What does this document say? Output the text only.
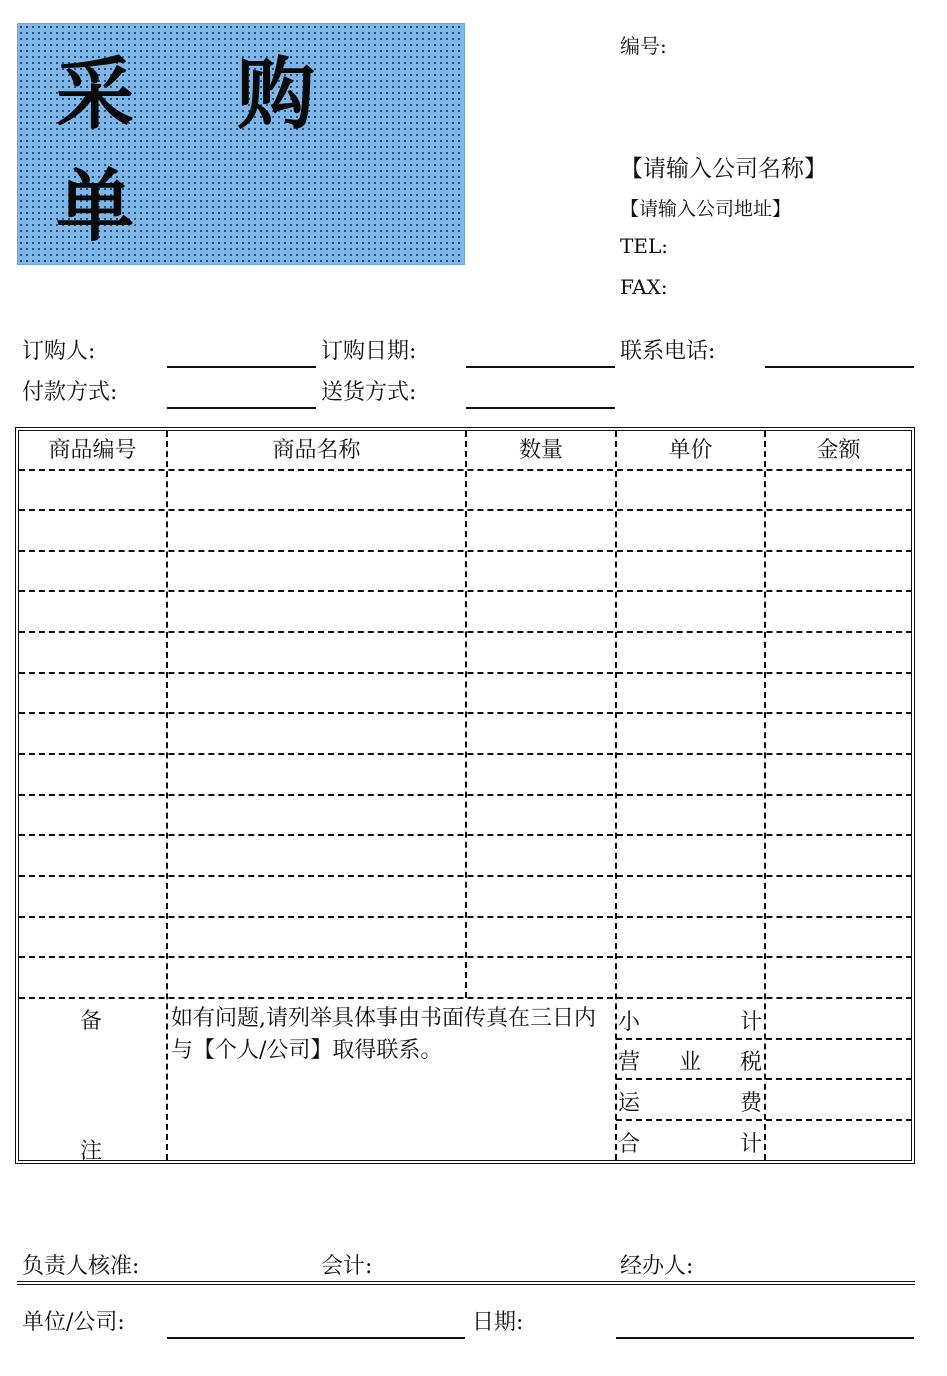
采 购 单
编号:
【请输入公司名称】
【请输入公司地址】
TEL:
FAX:
订购人:	订购日期:	联系电话:
付款方式:	送货方式:
商品编号	商品名称	数量	单价	金额
备
注
如有问题,请列举具体事由书面传真在三日内与【个人/公司】取得联系。
小	计
营 业 税
运	费
合	计
负责人核准:	会计:	经办人:
单位/公司:	日期:
